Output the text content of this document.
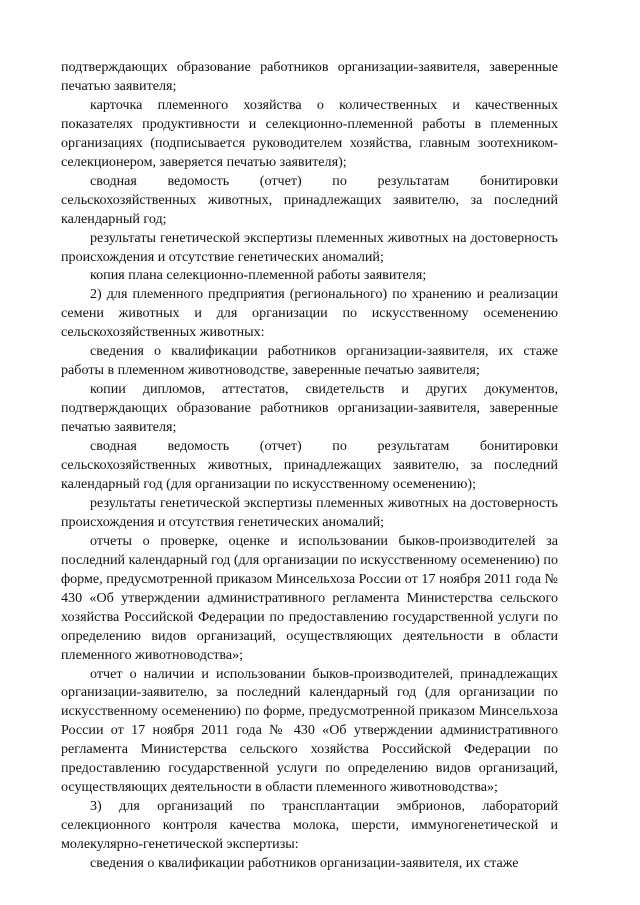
подтверждающих образование работников организации-заявителя, заверенные печатью заявителя;

карточка племенного хозяйства о количественных и качественных показателях продуктивности и селекционно-племенной работы в племенных организациях (подписывается руководителем хозяйства, главным зоотехником-селекционером, заверяется печатью заявителя);

сводная ведомость (отчет) по результатам бонитировки сельскохозяйственных животных, принадлежащих заявителю, за последний календарный год;

результаты генетической экспертизы племенных животных на достоверность происхождения и отсутствие генетических аномалий;

копия плана селекционно-племенной работы заявителя;

2) для племенного предприятия (регионального) по хранению и реализации семени животных и для организации по искусственному осеменению сельскохозяйственных животных:

сведения о квалификации работников организации-заявителя, их стаже работы в племенном животноводстве, заверенные печатью заявителя;

копии дипломов, аттестатов, свидетельств и других документов, подтверждающих образование работников организации-заявителя, заверенные печатью заявителя;

сводная ведомость (отчет) по результатам бонитировки сельскохозяйственных животных, принадлежащих заявителю, за последний календарный год (для организации по искусственному осеменению);

результаты генетической экспертизы племенных животных на достоверность происхождения и отсутствия генетических аномалий;

отчеты о проверке, оценке и использовании быков-производителей за последний календарный год (для организации по искусственному осеменению) по форме, предусмотренной приказом Минсельхоза России от 17 ноября 2011 года № 430 «Об утверждении административного регламента Министерства сельского хозяйства Российской Федерации по предоставлению государственной услуги по определению видов организаций, осуществляющих деятельности в области племенного животноводства»;

отчет о наличии и использовании быков-производителей, принадлежащих организации-заявителю, за последний календарный год (для организации по искусственному осеменению) по форме, предусмотренной приказом Минсельхоза России от 17 ноября 2011 года № 430 «Об утверждении административного регламента Министерства сельского хозяйства Российской Федерации по предоставлению государственной услуги по определению видов организаций, осуществляющих деятельности в области племенного животноводства»;

3) для организаций по трансплантации эмбрионов, лабораторий селекционного контроля качества молока, шерсти, иммуногенетической и молекулярно-генетической экспертизы:

сведения о квалификации работников организации-заявителя, их стаже
